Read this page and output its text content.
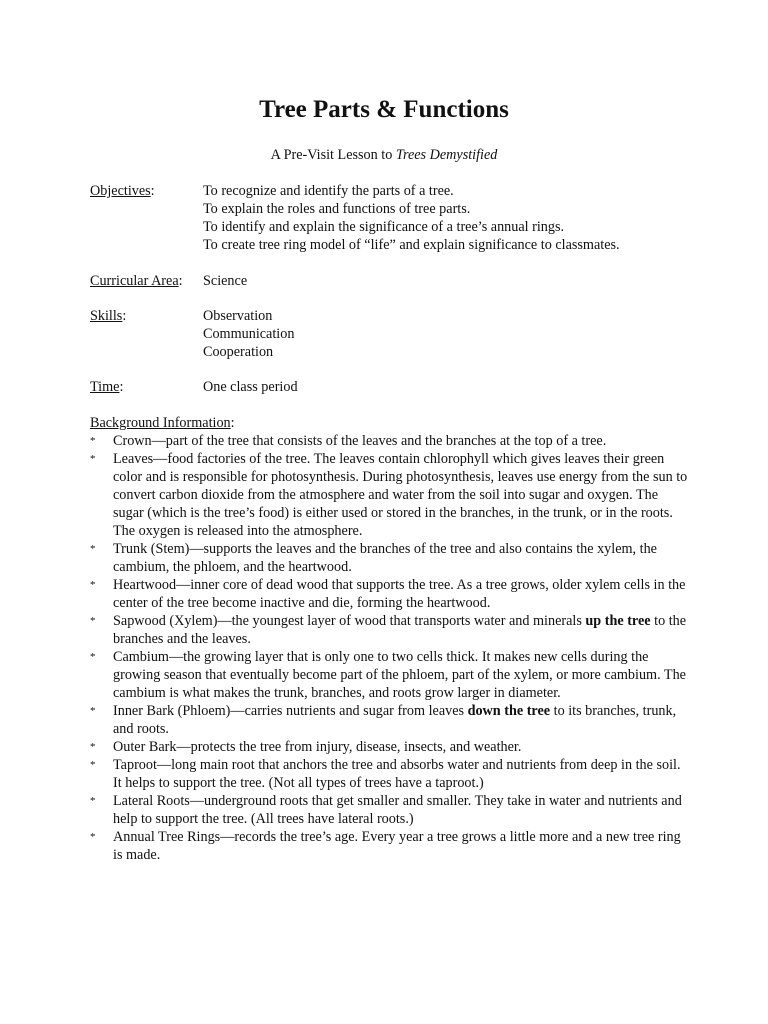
Tree Parts & Functions
A Pre-Visit Lesson to Trees Demystified
Objectives:	To recognize and identify the parts of a tree.
To explain the roles and functions of tree parts.
To identify and explain the significance of a tree’s annual rings.
To create tree ring model of “life” and explain significance to classmates.
Curricular Area: Science
Skills:	Observation
Communication
Cooperation
Time:	One class period
Background Information:
* Crown—part of the tree that consists of the leaves and the branches at the top of a tree.
* Leaves—food factories of the tree. The leaves contain chlorophyll which gives leaves their green color and is responsible for photosynthesis. During photosynthesis, leaves use energy from the sun to convert carbon dioxide from the atmosphere and water from the soil into sugar and oxygen. The sugar (which is the tree’s food) is either used or stored in the branches, in the trunk, or in the roots. The oxygen is released into the atmosphere.
* Trunk (Stem)—supports the leaves and the branches of the tree and also contains the xylem, the cambium, the phloem, and the heartwood.
* Heartwood—inner core of dead wood that supports the tree. As a tree grows, older xylem cells in the center of the tree become inactive and die, forming the heartwood.
* Sapwood (Xylem)—the youngest layer of wood that transports water and minerals up the tree to the branches and the leaves.
* Cambium—the growing layer that is only one to two cells thick. It makes new cells during the growing season that eventually become part of the phloem, part of the xylem, or more cambium. The cambium is what makes the trunk, branches, and roots grow larger in diameter.
* Inner Bark (Phloem)—carries nutrients and sugar from leaves down the tree to its branches, trunk, and roots.
* Outer Bark—protects the tree from injury, disease, insects, and weather.
* Taproot—long main root that anchors the tree and absorbs water and nutrients from deep in the soil. It helps to support the tree. (Not all types of trees have a taproot.)
* Lateral Roots—underground roots that get smaller and smaller. They take in water and nutrients and help to support the tree. (All trees have lateral roots.)
* Annual Tree Rings—records the tree’s age. Every year a tree grows a little more and a new tree ring is made.
